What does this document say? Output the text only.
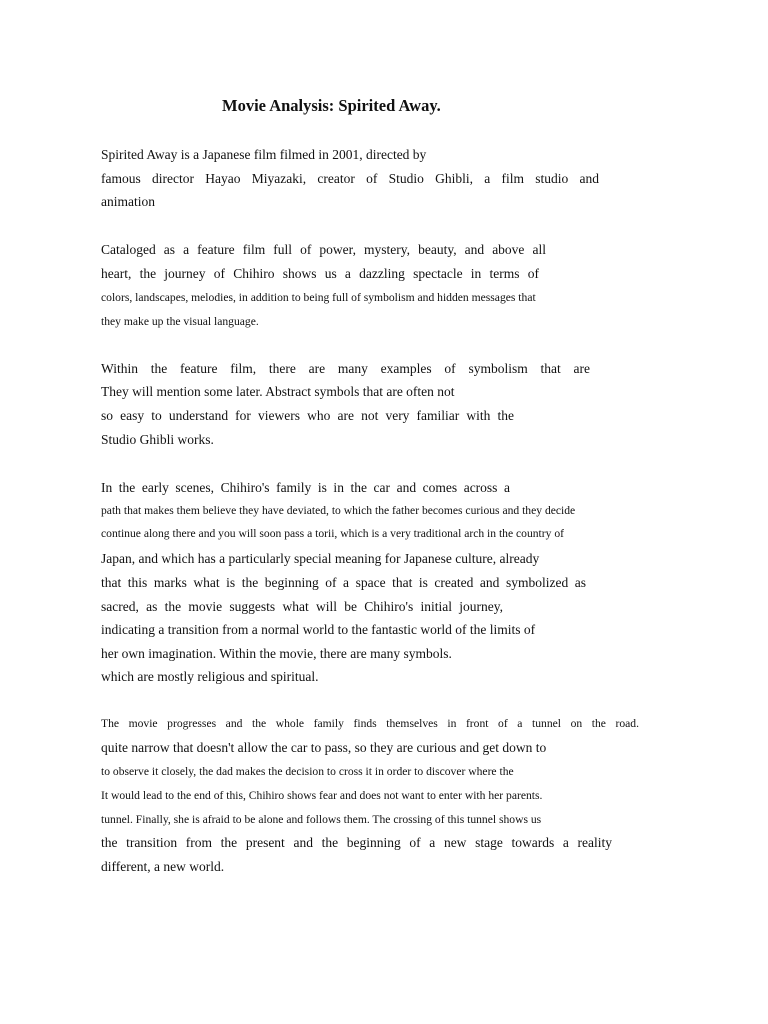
Movie Analysis: Spirited Away.

Spirited Away is a Japanese film filmed in 2001, directed by

famous director Hayao Miyazaki, creator of Studio Ghibli, a film studio and

animation

Cataloged as a feature film full of power, mystery, beauty, and above all

heart, the journey of Chihiro shows us a dazzling spectacle in terms of

colors, landscapes, melodies, in addition to being full of symbolism and hidden messages that

they make up the visual language.

Within the feature film, there are many examples of symbolism that are

They will mention some later. Abstract symbols that are often not

so easy to understand for viewers who are not very familiar with the

Studio Ghibli works.

In the early scenes, Chihiro's family is in the car and comes across a

path that makes them believe they have deviated, to which the father becomes curious and they decide

continue along there and you will soon pass a torii, which is a very traditional arch in the country of

Japan, and which has a particularly special meaning for Japanese culture, already

that this marks what is the beginning of a space that is created and symbolized as

sacred, as the movie suggests what will be Chihiro's initial journey,

indicating a transition from a normal world to the fantastic world of the limits of

her own imagination. Within the movie, there are many symbols.

which are mostly religious and spiritual.

The movie progresses and the whole family finds themselves in front of a tunnel on the road.

quite narrow that doesn't allow the car to pass, so they are curious and get down to

to observe it closely, the dad makes the decision to cross it in order to discover where the

It would lead to the end of this, Chihiro shows fear and does not want to enter with her parents.

tunnel. Finally, she is afraid to be alone and follows them. The crossing of this tunnel shows us

the transition from the present and the beginning of a new stage towards a reality

different, a new world.
